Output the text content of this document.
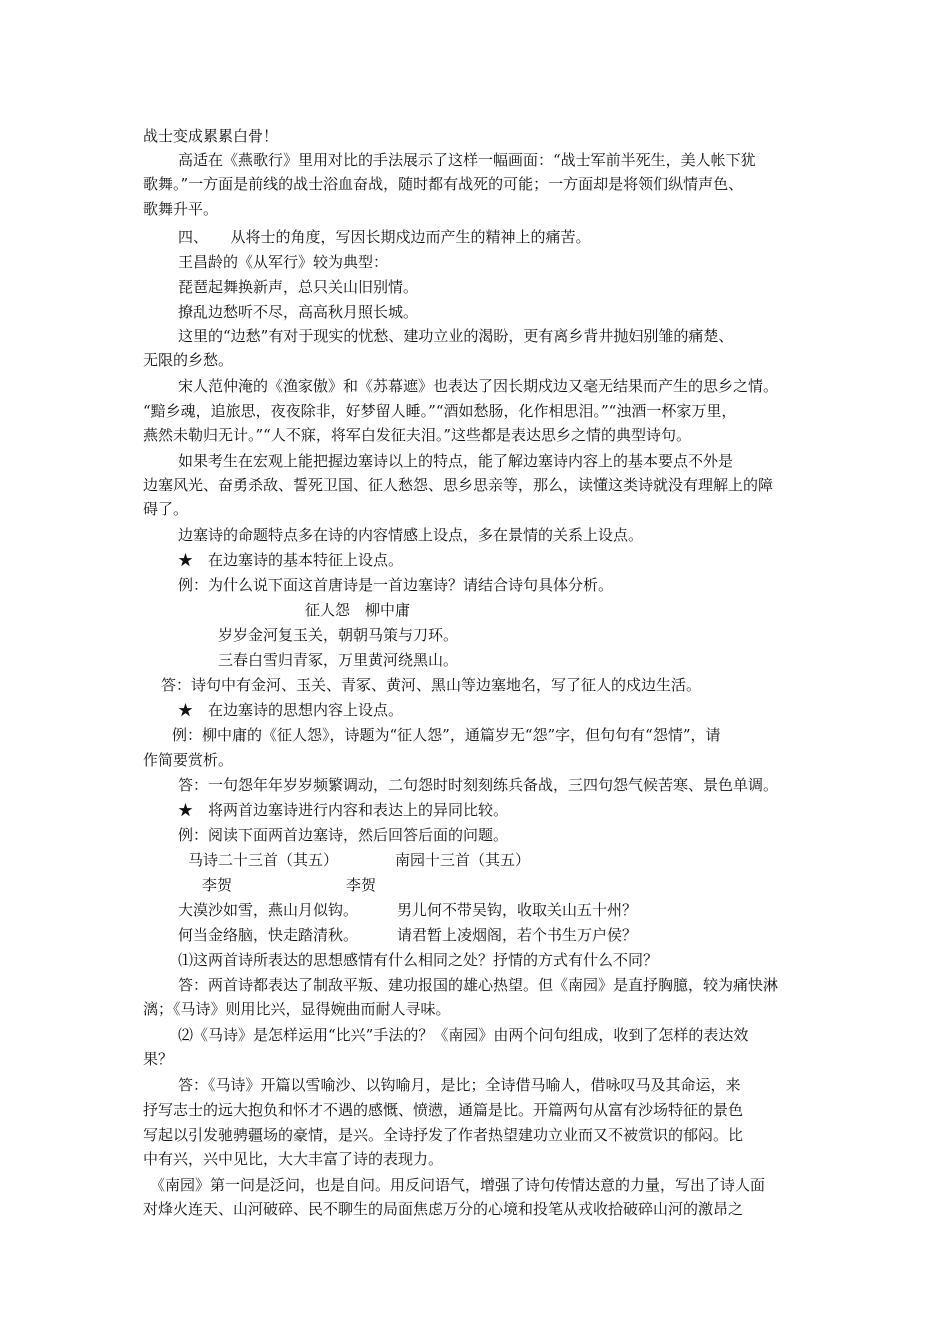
战士变成累累白骨！
高适在《燕歌行》里用对比的手法展示了这样一幅画面：“战士军前半死生，美人帐下犹
歌舞。”一方面是前线的战士浴血奋战，随时都有战死的可能；一方面却是将领们纵情声色、
歌舞升平。
四、　　从将士的角度，写因长期戍边而产生的精神上的痛苦。
王昌龄的《从军行》较为典型：
琵琶起舞换新声，总只关山旧别情。
撩乱边愁听不尽，高高秋月照长城。
这里的“边愁”有对于现实的忧愁、建功立业的渴盼，更有离乡背井抛妇别雏的痛楚、
无限的乡愁。
宋人范仲淹的《渔家傲》和《苏幕遮》也表达了因长期戍边又毫无结果而产生的思乡之情。
“黯乡魂，追旅思，夜夜除非，好梦留人睡。”“酒如愁肠，化作相思泪。”“浊酒一杯家万里，
燕然未勒归无计。”“人不寐，将军白发征夫泪。”这些都是表达思乡之情的典型诗句。
如果考生在宏观上能把握边塞诗以上的特点，能了解边塞诗内容上的基本要点不外是
边塞风光、奋勇杀敌、誓死卫国、征人愁怨、思乡思亲等，那么，读懂这类诗就没有理解上的障
碍了。
边塞诗的命题特点多在诗的内容情感上设点，多在景情的关系上设点。
★　在边塞诗的基本特征上设点。
例：为什么说下面这首唐诗是一首边塞诗？请结合诗句具体分析。
征人怨　柳中庸
岁岁金河复玉关，朝朝马策与刀环。
三春白雪归青冢，万里黄河绕黑山。
答：诗句中有金河、玉关、青冢、黄河、黑山等边塞地名，写了征人的戍边生活。
★　在边塞诗的思想内容上设点。
例：柳中庸的《征人怨》，诗题为“征人怨”，通篇岁无“怨”字，但句句有“怨情”，请
作简要赏析。
答：一句怨年年岁岁频繁调动，二句怨时时刻刻练兵备战，三四句怨气候苦寒、景色单调。
★　将两首边塞诗进行内容和表达上的异同比较。
例：阅读下面两首边塞诗，然后回答后面的问题。
马诗二十三首（其五）	南园十三首（其五）
李贺	李贺
大漠沙如雪，燕山月似钩。	男儿何不带吴钩，收取关山五十州？
何当金络脑，快走踏清秋。	请君暂上凌烟阁，若个书生万户侯？
⑴这两首诗所表达的思想感情有什么相同之处？抒情的方式有什么不同？
答：两首诗都表达了制敌平叛、建功报国的雄心热望。但《南园》是直抒胸臆，较为痛快淋
漓；《马诗》则用比兴，显得婉曲而耐人寻味。
⑵《马诗》是怎样运用“比兴”手法的？《南园》由两个问句组成，收到了怎样的表达效
果？
答：《马诗》开篇以雪喻沙、以钩喻月，是比；全诗借马喻人，借咏叹马及其命运，来
抒写志士的远大抱负和怀才不遇的感慨、愤懑，通篇是比。开篇两句从富有沙场特征的景色
写起以引发驰骋疆场的豪情，是兴。全诗抒发了作者热望建功立业而又不被赏识的郁闷。比
中有兴，兴中见比，大大丰富了诗的表现力。
《南园》第一问是泛问，也是自问。用反问语气，增强了诗句传情达意的力量，写出了诗人面
对烽火连天、山河破碎、民不聊生的局面焦虑万分的心境和投笔从戎收拾破碎山河的激昂之
